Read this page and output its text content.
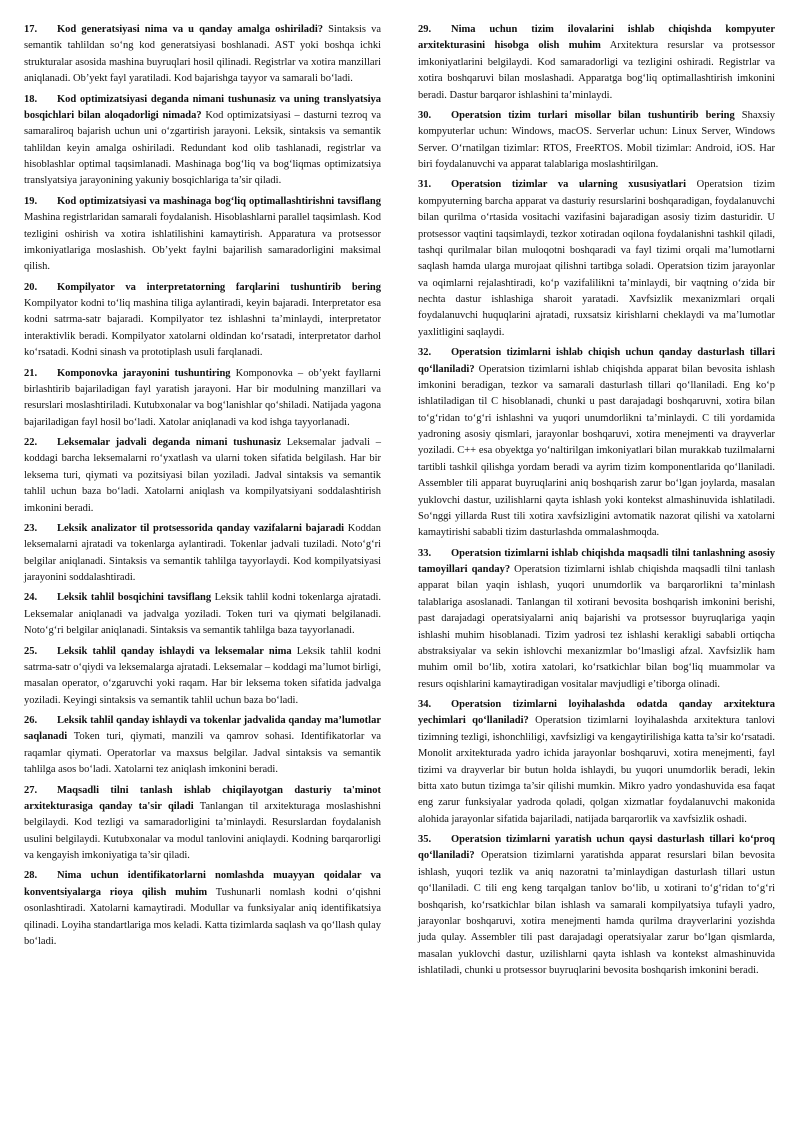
17. Kod generatsiyasi nima va u qanday amalga oshiriladi? Sintaksis va semantik tahlildan so‘ng kod generatsiyasi boshlanadi. AST yoki boshqa ichki strukturalar asosida mashina buyruqlari hosil qilinadi. Registrlar va xotira manzillari aniqlanadi. Ob’yekt fayl yaratiladi. Kod bajarishga tayyor va samarali bo‘ladi.

18. Kod optimizatsiyasi deganda nimani tushunasiz va uning translyatsiya bosqichlari bilan aloqadorligi nimada? Kod optimizatsiyasi – dasturni tezroq va samaraliroq bajarish uchun uni o‘zgartirish jarayoni. Leksik, sintaksis va semantik tahlildan keyin amalga oshiriladi. Redundant kod olib tashlanadi, registrlar va hisoblashlar optimal taqsimlanadi. Mashinaga bog‘liq va bog‘liqmas optimizatsiya translyatsiya jarayonining yakuniy bosqichlariga ta’sir qiladi.

19. Kod optimizatsiyasi va mashinaga bog‘liq optimallashtirishni tavsiflang Mashina registrlaridan samarali foydalanish. Hisoblashlarni parallel taqsimlash. Kod tezligini oshirish va xotira ishlatilishini kamaytirish. Apparatura va protsessor imkoniyatlariga moslashish. Ob’yekt faylni bajarilish samaradorligini maksimal qilish.

20. Kompilyator va interpretatorning farqlarini tushuntirib bering Kompilyator kodni to‘liq mashina tiliga aylantiradi, keyin bajaradi. Interpretator esa kodni satrma-satr bajaradi. Kompilyator tez ishlashni ta’minlaydi, interpretator interaktivlik beradi. Kompilyator xatolarni oldindan ko‘rsatadi, interpretator darhol ko‘rsatadi. Kodni sinash va prototiplash usuli farqlanadi.

21. Komponovka jarayonini tushuntiring Komponovka – ob’yekt fayllarni birlashtirib bajariladigan fayl yaratish jarayoni. Har bir modulning manzillari va resurslari moslashtiriladi. Kutubxonalar va bog‘lanishlar qo‘shiladi. Natijada yagona bajariladigan fayl hosil bo‘ladi. Xatolar aniqlanadi va kod ishga tayyorlanadi.

22. Leksemalar jadvali deganda nimani tushunasiz Leksemalar jadvali – koddagi barcha leksemalarni ro‘yxatlash va ularni token sifatida belgilash. Har bir leksema turi, qiymati va pozitsiyasi bilan yoziladi. Jadval sintaksis va semantik tahlil uchun baza bo‘ladi. Xatolarni aniqlash va kompilyatsiyani soddalashtirish imkonini beradi.

23. Leksik analizator til protsessorida qanday vazifalarni bajaradi Koddan leksemalarni ajratadi va tokenlarga aylantiradi. Tokenlar jadvali tuziladi. Noto‘g‘ri belgilar aniqlanadi. Sintaksis va semantik tahlilga tayyorlaydi. Kod kompilyatsiyasi jarayonini soddalashtiradi.

24. Leksik tahlil bosqichini tavsiflang Leksik tahlil kodni tokenlarga ajratadi. Leksemalar aniqlanadi va jadvalga yoziladi. Token turi va qiymati belgilanadi. Noto‘g‘ri belgilar aniqlanadi. Sintaksis va semantik tahlilga baza tayyorlanadi.

25. Leksik tahlil qanday ishlaydi va leksemalar nima Leksik tahlil kodni satrma-satr o‘qiydi va leksemalarga ajratadi. Leksemalar – koddagi ma’lumot birligi, masalan operator, o‘zgaruvchi yoki raqam. Har bir leksema token sifatida jadvalga yoziladi. Keyingi sintaksis va semantik tahlil uchun baza bo‘ladi.

26. Leksik tahlil qanday ishlaydi va tokenlar jadvalida qanday ma’lumotlar saqlanadi Token turi, qiymati, manzili va qamrov sohasi. Identifikatorlar va raqamlar qiymati. Operatorlar va maxsus belgilar. Jadval sintaksis va semantik tahlilga asos bo‘ladi. Xatolarni tez aniqlash imkonini beradi.

27. Maqsadli tilni tanlash ishlab chiqilayotgan dasturiy ta'minot arxitekturasiga qanday ta'sir qiladi Tanlangan til arxitekturaga moslashishni belgilaydi. Kod tezligi va samaradorligini ta’minlaydi. Resurslardan foydalanish usulini belgilaydi. Kutubxonalar va modul tanlovini aniqlaydi. Kodning barqarorligi va kengayish imkoniyatiga ta’sir qiladi.

28. Nima uchun identifikatorlarni nomlashda muayyan qoidalar va konventsiyalarga rioya qilish muhim Tushunarli nomlash kodni o‘qishni osonlashtiradi. Xatolarni kamaytiradi. Modullar va funksiyalar aniq identifikatsiya qilinadi. Loyiha standartlariga mos keladi. Katta tizimlarda saqlash va qo‘llash qulay bo‘ladi.

29. Nima uchun tizim ilovalarini ishlab chiqishda kompyuter arxitekturasini hisobga olish muhim Arxitektura resurslar va protsessor imkoniyatlarini belgilaydi. Kod samaradorligi va tezligini oshiradi. Registrlar va xotira boshqaruvi bilan moslashadi. Apparatga bog‘liq optimallashtirish imkonini beradi. Dastur barqaror ishlashini ta’minlaydi.

30. Operatsion tizim turlari misollar bilan tushuntirib bering Shaxsiy kompyuterlar uchun: Windows, macOS. Serverlar uchun: Linux Server, Windows Server. O‘rnatilgan tizimlar: RTOS, FreeRTOS. Mobil tizimlar: Android, iOS. Har biri foydalanuvchi va apparat talablariga moslashtirilgan.

31. Operatsion tizimlar va ularning xususiyatlari Operatsion tizim kompyuterning barcha apparat va dasturiy resurslarini boshqaradigan, foydalanuvchi bilan qurilma o‘rtasida vositachi vazifasini bajaradigan asosiy tizim dasturidir. U protsessor vaqtini taqsimlaydi, tezkor xotiradan oqilona foydalanishni tashkil qiladi, tashqi qurilmalar bilan muloqotni boshqaradi va fayl tizimi orqali ma’lumotlarni saqlash hamda ularga murojaat qilishni tartibga soladi. Operatsion tizim jarayonlar va oqimlarni rejalashtiradi, ko‘p vazifalilikni ta’minlaydi, bir vaqtning o‘zida bir nechta dastur ishlashiga sharoit yaratadi. Xavfsizlik mexanizmlari orqali foydalanuvchi huquqlarini ajratadi, ruxsatsiz kirishlarni cheklaydi va ma’lumotlar yaxlitligini saqlaydi.

32. Operatsion tizimlarni ishlab chiqish uchun qanday dasturlash tillari qo‘llaniladi? Operatsion tizimlarni ishlab chiqishda apparat bilan bevosita ishlash imkonini beradigan, tezkor va samarali dasturlash tillari qo‘llaniladi. Eng ko‘p ishlatiladigan til C hisoblanadi, chunki u past darajadagi boshqaruvni, xotira bilan to‘g‘ridan to‘g‘ri ishlashni va yuqori unumdorlikni ta’minlaydi. C tili yordamida yadroning asosiy qismlari, jarayonlar boshqaruvi, xotira menejmenti va drayverlar yoziladi. C++ esa obyektga yo‘naltirilgan imkoniyatlari bilan murakkab tuzilmalarni tartibli tashkil qilishga yordam beradi va ayrim tizim komponentlarida qo‘llaniladi. Assembler tili apparat buyruqlarini aniq boshqarish zarur bo‘lgan joylarda, masalan yuklovchi dastur, uzilishlarni qayta ishlash yoki kontekst almashinuvida ishlatiladi. So‘nggi yillarda Rust tili xotira xavfsizligini avtomatik nazorat qilishi va xatolarni kamaytirishi sababli tizim dasturlashda ommalashmoqda.

33. Operatsion tizimlarni ishlab chiqishda maqsadli tilni tanlashning asosiy tamoyillari qanday? Operatsion tizimlarni ishlab chiqishda maqsadli tilni tanlash apparat bilan yaqin ishlash, yuqori unumdorlik va barqarorlikni ta’minlash talablariga asoslanadi. Tanlangan til xotirani bevosita boshqarish imkonini berishi, past darajadagi operatsiyalarni aniq bajarishi va protsessor buyruqlariga yaqin ishlashi muhim hisoblanadi. Tizim yadrosi tez ishlashi kerakligi sababli ortiqcha abstraksiyalar va sekin ishlovchi mexanizmlar bo‘lmasligi afzal. Xavfsizlik ham muhim omil bo‘lib, xotira xatolari, ko‘rsatkichlar bilan bog‘liq muammolar va resurs oqishlarini kamaytiradigan vositalar mavjudligi e’tiborga olinadi.

34. Operatsion tizimlarni loyihalashda odatda qanday arxitektura yechimlari qo‘llaniladi? Operatsion tizimlarni loyihalashda arxitektura tanlovi tizimning tezligi, ishonchliligi, xavfsizligi va kengaytirilishiga katta ta’sir ko‘rsatadi. Monolit arxitekturada yadro ichida jarayonlar boshqaruvi, xotira menejmenti, fayl tizimi va drayverlar bir butun holda ishlaydi, bu yuqori unumdorlik beradi, lekin bitta xato butun tizimga ta’sir qilishi mumkin. Mikro yadro yondashuvida esa faqat eng zarur funksiyalar yadroda qoladi, qolgan xizmatlar foydalanuvchi makonida alohida jarayonlar sifatida bajariladi, natijada barqarorlik va xavfsizlik oshadi.

35. Operatsion tizimlarni yaratish uchun qaysi dasturlash tillari ko‘proq qo‘llaniladi? Operatsion tizimlarni yaratishda apparat resurslari bilan bevosita ishlash, yuqori tezlik va aniq nazoratni ta’minlaydigan dasturlash tillari ustun qo‘llaniladi. C tili eng keng tarqalgan tanlov bo‘lib, u xotirani to‘g‘ridan to‘g‘ri boshqarish, ko‘rsatkichlar bilan ishlash va samarali kompilyatsiya tufayli yadro, jarayonlar boshqaruvi, xotira menejmenti hamda qurilma drayverlarini yozishda juda qulay. Assembler tili past darajadagi operatsiyalar zarur bo‘lgan qismlarda, masalan yuklovchi dastur, uzilishlarni qayta ishlash va kontekst almashinuvida ishlatiladi, chunki u protsessor buyruqlarini bevosita boshqarish imkonini beradi.
